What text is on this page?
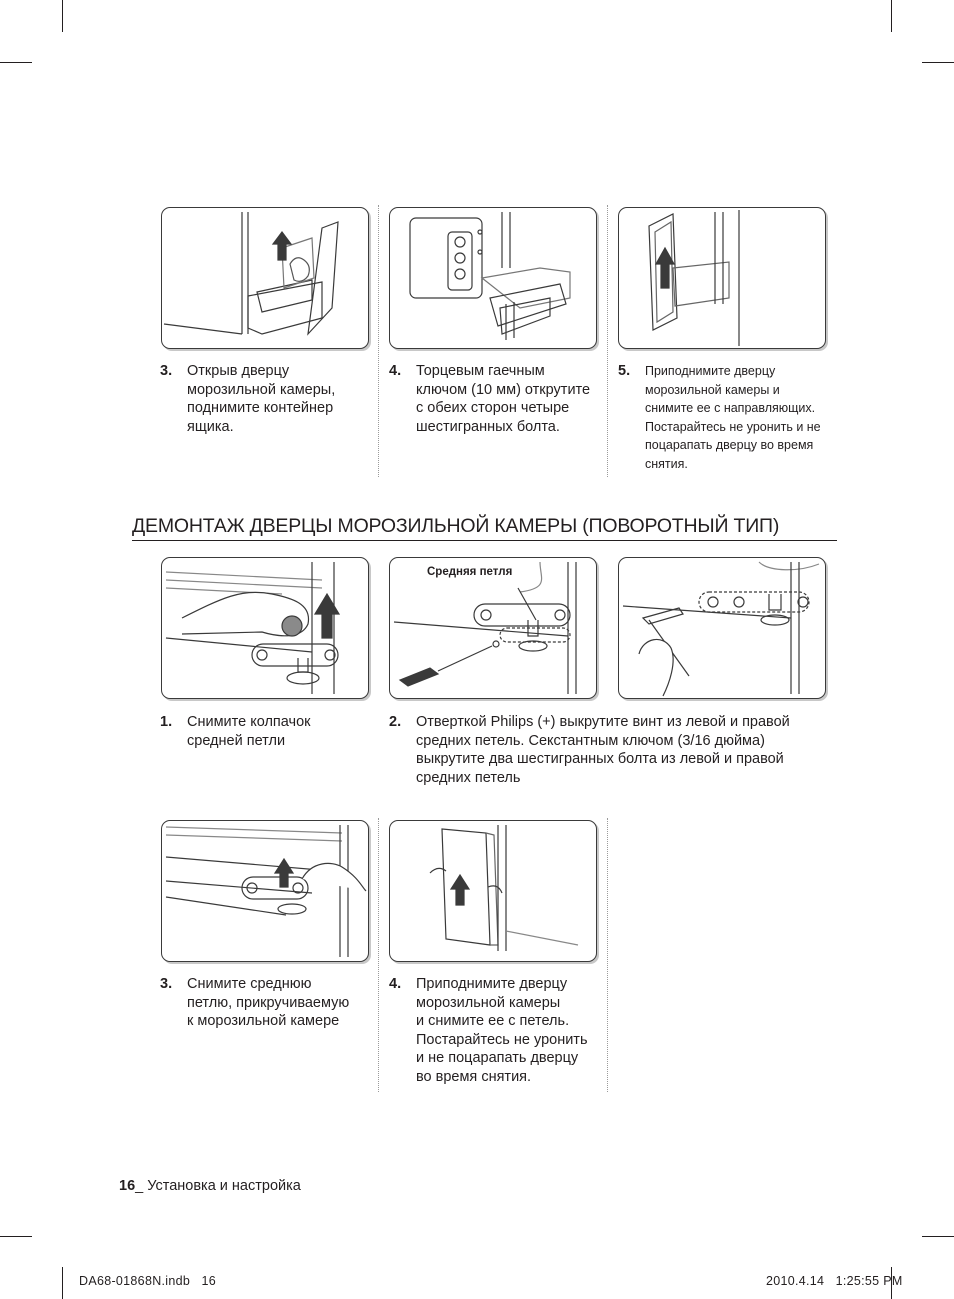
3. Открыв дверцу
морозильной камеры,
поднимите контейнер
ящика.
4. Торцевым гаечным
ключом (10 мм) открутите
с обеих сторон четыре
шестигранных болта.
5. Приподнимите дверцу
морозильной камеры и
снимите ее с направляющих.
Постарайтесь не уронить и не
поцарапать дверцу во время
снятия.
ДЕМОНТАЖ ДВЕРЦЫ МОРОЗИЛЬНОЙ КАМЕРЫ (ПОВОРОТНЫЙ ТИП)
Средняя петля
1. Снимите колпачок
средней петли
2. Отверткой Philips (+) выкрутите винт из левой и правой
средних петель. Секстантным ключом (3/16 дюйма)
выкрутите два шестигранных болта из левой и правой
средних петель
3. Снимите среднюю
петлю, прикручиваемую
к морозильной камере
4. Приподнимите дверцу
морозильной камеры
и снимите ее с петель.
Постарайтесь не уронить
и не поцарапать дверцу
во время снятия.
16_ Установка и настройка
DA68-01868N.indb   16	2010.4.14   1:25:55 PM
